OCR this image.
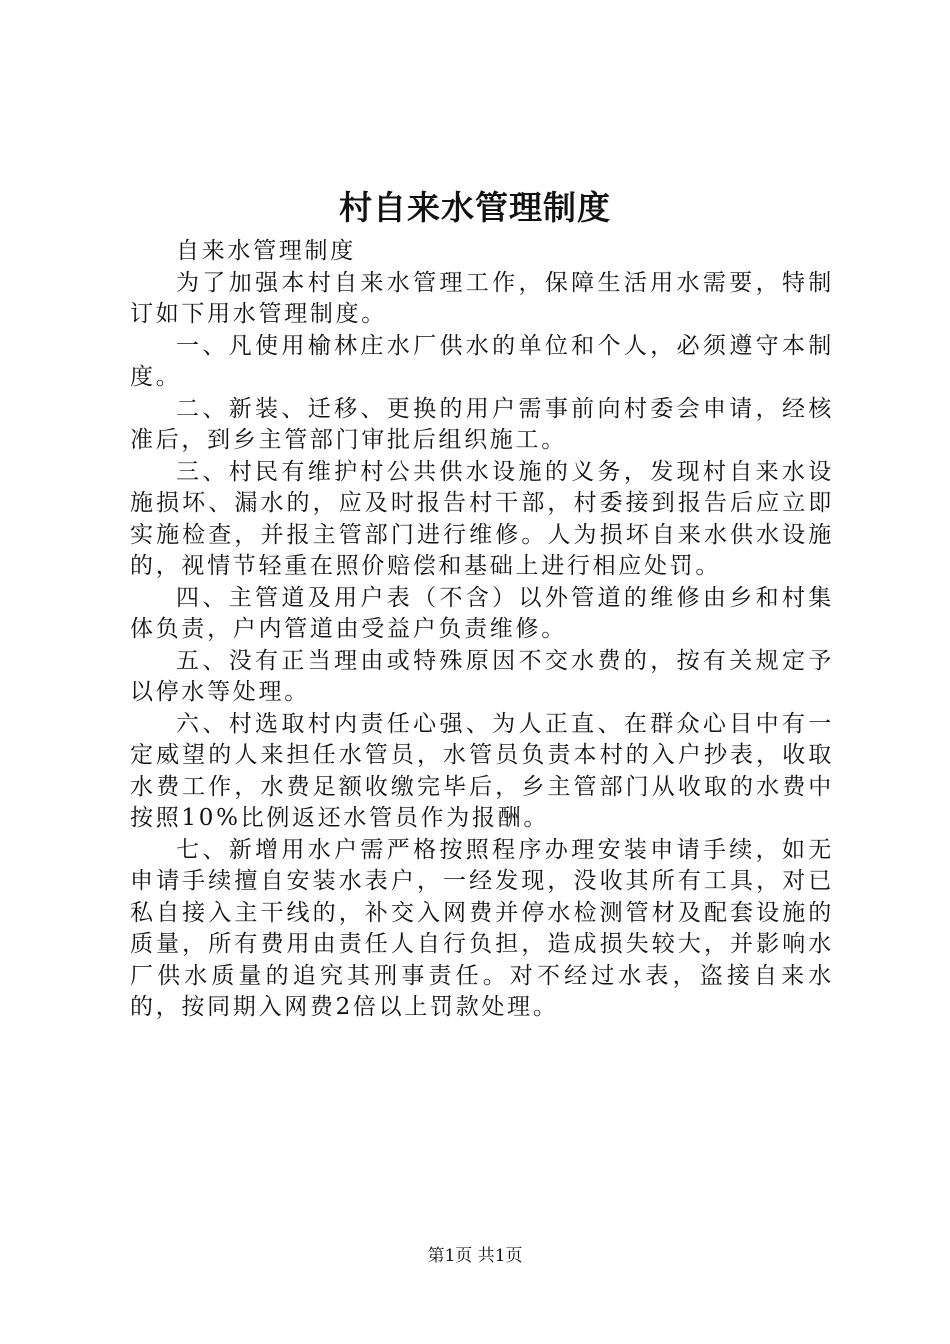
村自来水管理制度

自来水管理制度

为了加强本村自来水管理工作，保障生活用水需要，特制订如下用水管理制度。

一、凡使用榆林庄水厂供水的单位和个人，必须遵守本制度。

二、新装、迁移、更换的用户需事前向村委会申请，经核准后，到乡主管部门审批后组织施工。

三、村民有维护村公共供水设施的义务，发现村自来水设施损坏、漏水的，应及时报告村干部，村委接到报告后应立即实施检查，并报主管部门进行维修。人为损坏自来水供水设施的，视情节轻重在照价赔偿和基础上进行相应处罚。

四、主管道及用户表（不含）以外管道的维修由乡和村集体负责，户内管道由受益户负责维修。

五、没有正当理由或特殊原因不交水费的，按有关规定予以停水等处理。

六、村选取村内责任心强、为人正直、在群众心目中有一定威望的人来担任水管员，水管员负责本村的入户抄表，收取水费工作，水费足额收缴完毕后，乡主管部门从收取的水费中按照10%比例返还水管员作为报酬。

七、新增用水户需严格按照程序办理安装申请手续，如无申请手续擅自安装水表户，一经发现，没收其所有工具，对已私自接入主干线的，补交入网费并停水检测管材及配套设施的质量，所有费用由责任人自行负担，造成损失较大，并影响水厂供水质量的追究其刑事责任。对不经过水表，盗接自来水的，按同期入网费2倍以上罚款处理。

第1页 共1页
